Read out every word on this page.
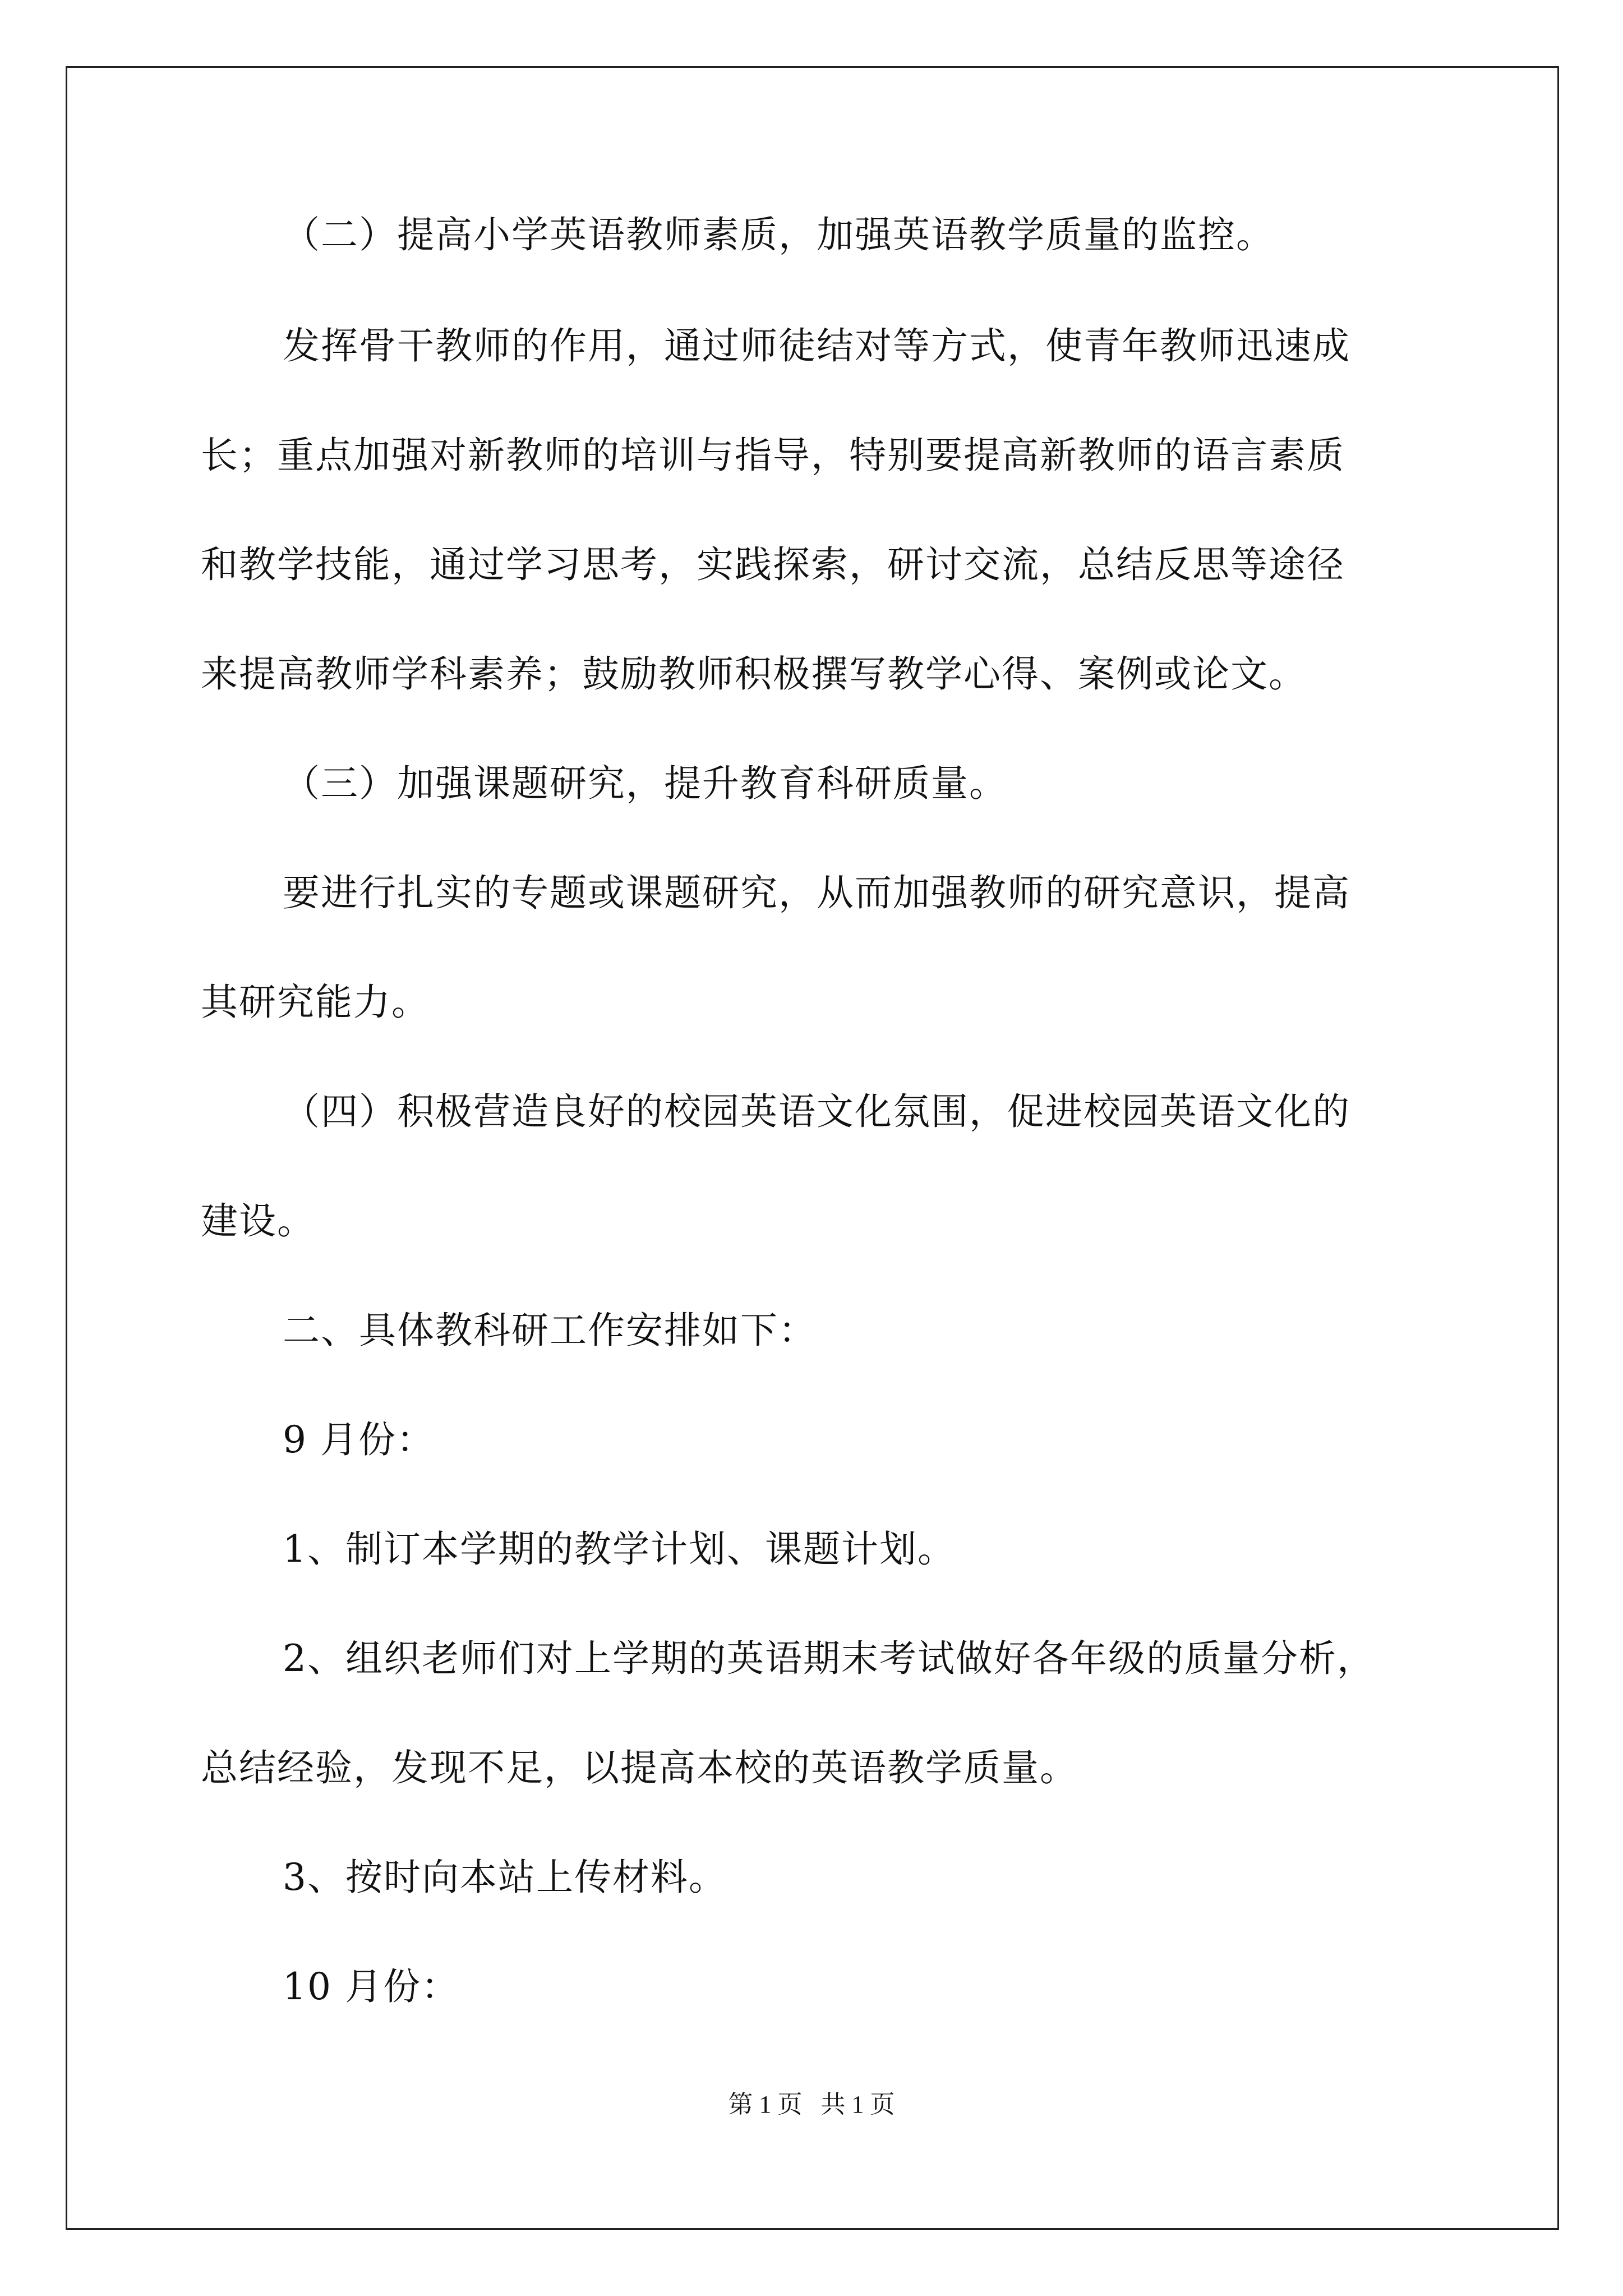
（二）提高小学英语教师素质，加强英语教学质量的监控。
发挥骨干教师的作用，通过师徒结对等方式，使青年教师迅速成
长；重点加强对新教师的培训与指导，特别要提高新教师的语言素质
和教学技能，通过学习思考，实践探索，研讨交流，总结反思等途径
来提高教师学科素养；鼓励教师积极撰写教学心得、案例或论文。
（三）加强课题研究，提升教育科研质量。
要进行扎实的专题或课题研究，从而加强教师的研究意识，提高
其研究能力。
（四）积极营造良好的校园英语文化氛围，促进校园英语文化的
建设。
二、具体教科研工作安排如下：
9 月份：
1、制订本学期的教学计划、课题计划。
2、组织老师们对上学期的英语期末考试做好各年级的质量分析，
总结经验，发现不足，以提高本校的英语教学质量。
3、按时向本站上传材料。
10 月份：
第 1 页 共 1 页
